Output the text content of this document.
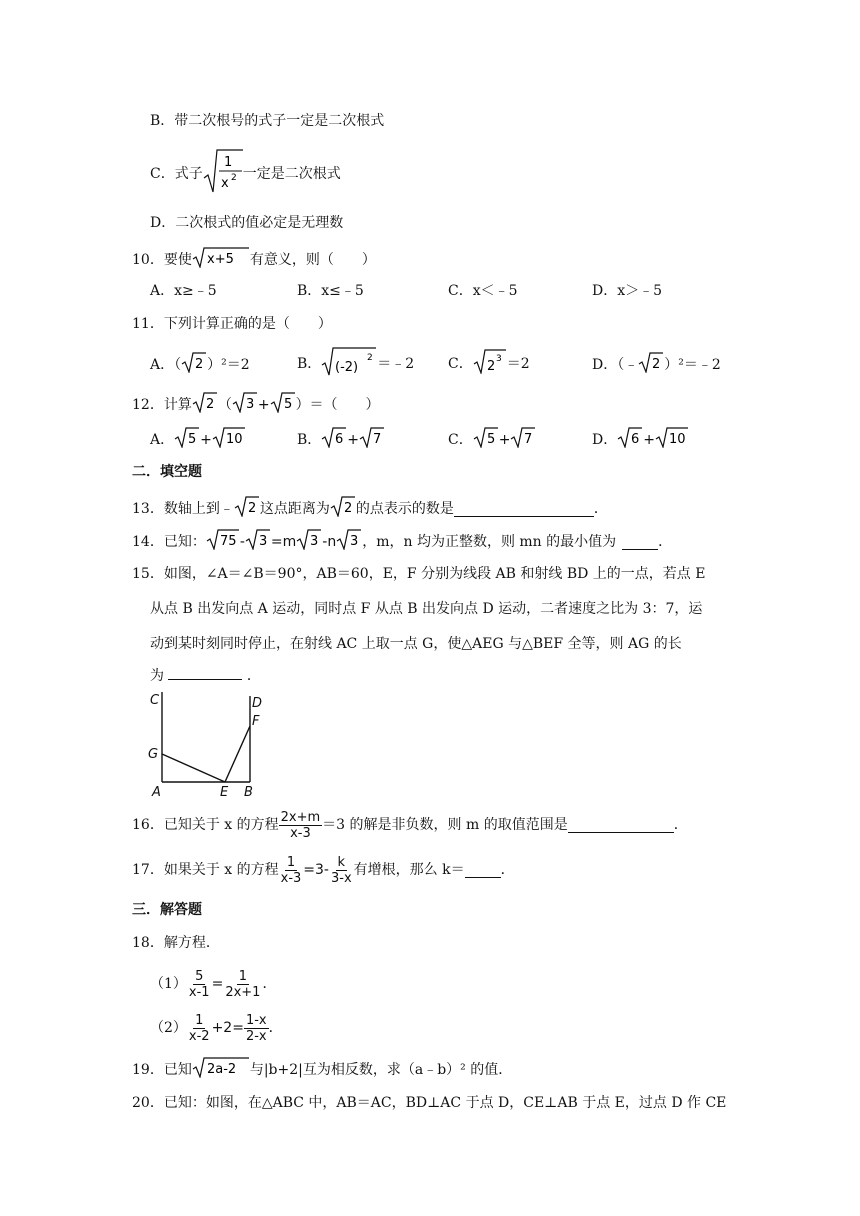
B．带二次根号的式子一定是二次根式
C．式子
1
x 2 一定是二次根式
D．二次根式的值必定是无理数
10．要使 x+5 有意义，则（　　）
A．x≥﹣5	B．x≤﹣5	C．x＜﹣5	D．x＞﹣5
11．下列计算正确的是（　　）
A．（ 2 ）²＝2	B． (-2)
2 ＝﹣2 C． 2 3 ＝2	D．（﹣ 2 ）²＝﹣2
12．计算 2 （ 3 + 5 ）＝（　　）
A． 5 + 10	B． 6 + 7	C． 5 + 7	D． 6 + 10
二．填空题
13．数轴上到﹣ 2 这点距离为 2 的点表示的数是	．
14．已知： 75 - 3 =m 3 -n 3 ，m，n 均为正整数，则 mn 的最小值为	．
15．如图，∠A＝∠B＝90°，AB＝60，E，F 分别为线段 AB 和射线 BD 上的一点，若点 E
从点 B 出发向点 A 运动，同时点 F 从点 B 出发向点 D 运动，二者速度之比为 3：7，运
动到某时刻同时停止，在射线 AC 上取一点 G，使△AEG 与△BEF 全等，则 AG 的长
为	．
C	D
F
G
A	E B
16．已知关于 x 的方程 $\frac{2x+m}{x-3} =3$ 的解是非负数，则 m 的取值范围是	．
17．如果关于 x 的方程 $\frac{1}{x-3} =3- \frac{k}{3-x}$ 有增根，那么 k＝	．
三．解答题
18．解方程．
$(1) \frac{5}{x-1} = \frac{1}{2x+1}$ ．
$(2) \frac{1}{x-2} +2= \frac{1-x}{2-x}$ ．
19．已知 2a-2 与|b+2|互为相反数，求（a﹣b）² 的值．
20．已知：如图，在△ABC 中，AB＝AC，BD⊥AC 于点 D，CE⊥AB 于点 E，过点 D 作 CE
